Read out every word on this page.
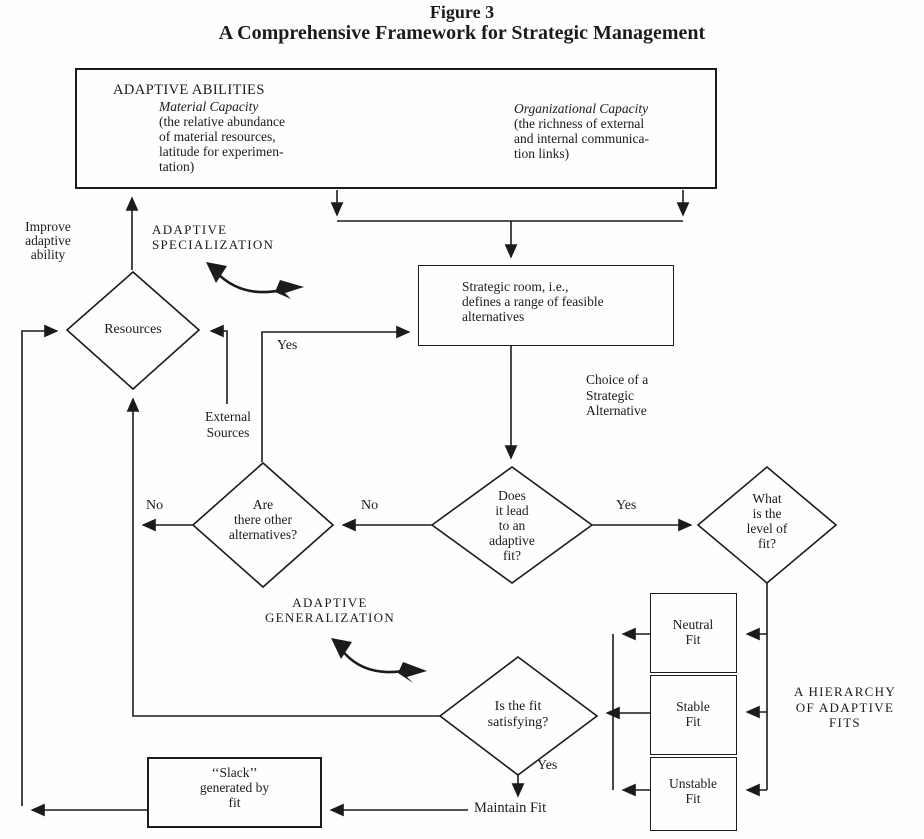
Figure 3
A Comprehensive Framework for Strategic Management
ADAPTIVE ABILITIES
Material Capacity
(the relative abundance
of material resources,
latitude for experimen-
tation)
Organizational Capacity
(the richness of external
and internal communica-
tion links)
Strategic room, i.e.,
defines a range of feasible
alternatives
‘‘Slack’’
generated by
fit
Neutral
Fit
Stable
Fit
Unstable
Fit
Resources
Are
there other
alternatives?
Does
it lead
to an
adaptive
fit?
What
is the
level of
fit?
Is the fit
satisfying?
Improve
adaptive
ability
ADAPTIVE
SPECIALIZATION
ADAPTIVE
GENERALIZATION
A HIERARCHY
OF ADAPTIVE
FITS
Choice of a
Strategic
Alternative
External
Sources
Yes
Yes
Yes
No	No
Maintain Fit
